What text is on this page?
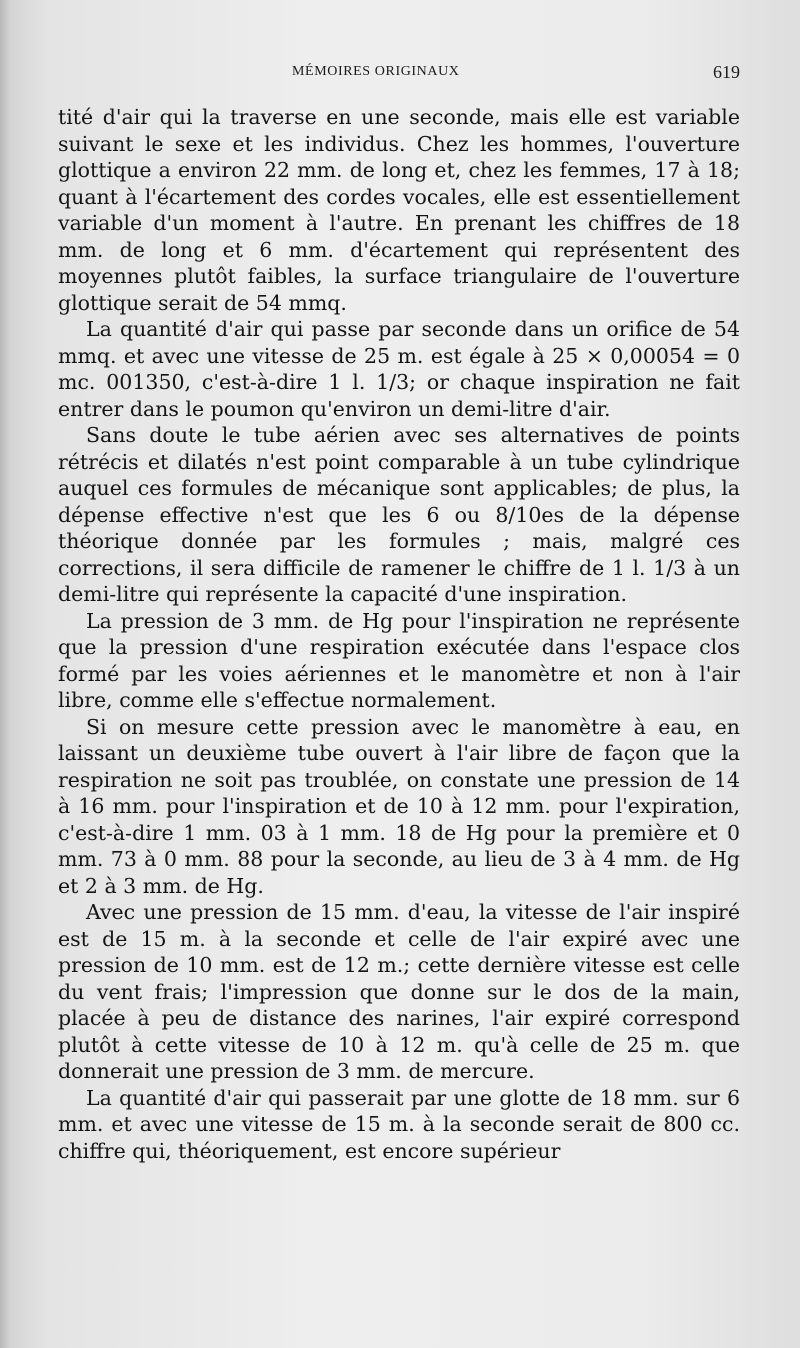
MÉMOIRES ORIGINAUX	619

tité d'air qui la traverse en une seconde, mais elle est variable suivant le sexe et les individus. Chez les hommes, l'ouverture glottique a environ 22 mm. de long et, chez les femmes, 17 à 18; quant à l'écartement des cordes vocales, elle est essentiellement variable d'un moment à l'autre. En prenant les chiffres de 18 mm. de long et 6 mm. d'écartement qui représentent des moyennes plutôt faibles, la surface triangulaire de l'ouverture glottique serait de 54 mmq.

La quantité d'air qui passe par seconde dans un orifice de 54 mmq. et avec une vitesse de 25 m. est égale à 25 × 0,00054 = 0 mc. 001350, c'est-à-dire 1 l. 1/3; or chaque inspiration ne fait entrer dans le poumon qu'environ un demi-litre d'air.

Sans doute le tube aérien avec ses alternatives de points rétrécis et dilatés n'est point comparable à un tube cylindrique auquel ces formules de mécanique sont applicables; de plus, la dépense effective n'est que les 6 ou 8/10es de la dépense théorique donnée par les formules ; mais, malgré ces corrections, il sera difficile de ramener le chiffre de 1 l. 1/3 à un demi-litre qui représente la capacité d'une inspiration.

La pression de 3 mm. de Hg pour l'inspiration ne représente que la pression d'une respiration exécutée dans l'espace clos formé par les voies aériennes et le manomètre et non à l'air libre, comme elle s'effectue normalement.

Si on mesure cette pression avec le manomètre à eau, en laissant un deuxième tube ouvert à l'air libre de façon que la respiration ne soit pas troublée, on constate une pression de 14 à 16 mm. pour l'inspiration et de 10 à 12 mm. pour l'expiration, c'est-à-dire 1 mm. 03 à 1 mm. 18 de Hg pour la première et 0 mm. 73 à 0 mm. 88 pour la seconde, au lieu de 3 à 4 mm. de Hg et 2 à 3 mm. de Hg.

Avec une pression de 15 mm. d'eau, la vitesse de l'air inspiré est de 15 m. à la seconde et celle de l'air expiré avec une pression de 10 mm. est de 12 m.; cette dernière vitesse est celle du vent frais; l'impression que donne sur le dos de la main, placée à peu de distance des narines, l'air expiré correspond plutôt à cette vitesse de 10 à 12 m. qu'à celle de 25 m. que donnerait une pression de 3 mm. de mercure.

La quantité d'air qui passerait par une glotte de 18 mm. sur 6 mm. et avec une vitesse de 15 m. à la seconde serait de 800 cc. chiffre qui, théoriquement, est encore supérieur
